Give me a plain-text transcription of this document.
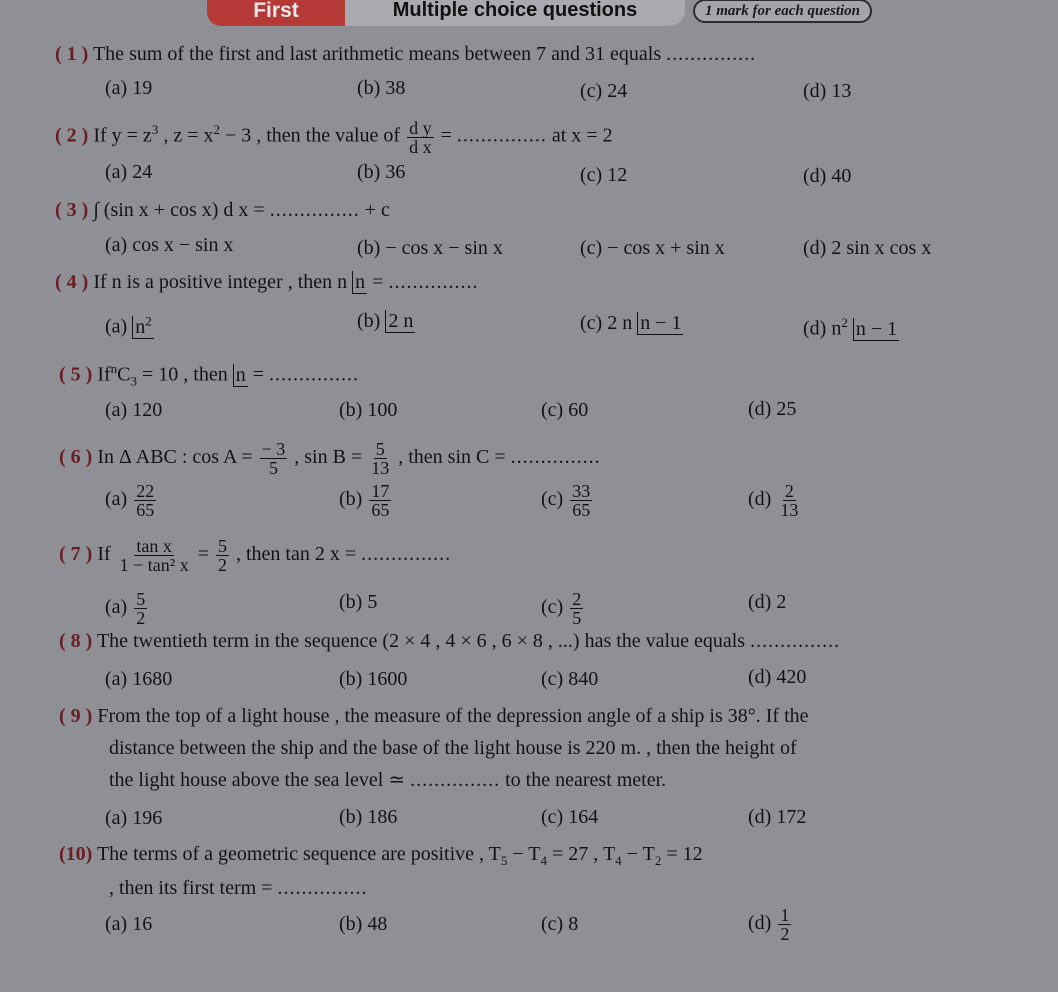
First	Multiple choice questions	1 mark for each question
( 1 ) The sum of the first and last arithmetic means between 7 and 31 equals ...............
(a) 19	(b) 38	(c) 24	(d) 13
( 2 ) If $y = z^3$ , $z = x^2 - 3$ , then the value of $\frac{\text{d y}}{\text{d x}}$ = ............... at x = 2
(a) 24	(b) 36	(c) 12	(d) 40
( 3 ) ∫ (sin x + cos x) d x = ............... + c
(a) cos x − sin x	(b) − cos x − sin x	(c) − cos x + sin x	(d) 2 sin x cos x
( 4 ) If n is a positive integer , then n n = ...............
(a) $n^2$	(b) 2 n	(c) 2 n n − 1	(d) $n^2$ n − 1
( 5 ) $If^nC_3 = 10$ , then n = ...............
(a) 120	(b) 100	(c) 60	(d) 25
( 6 ) In Δ ABC : $\cos A = \frac{- 3}{5}$ , $\sin B = \frac{5}{13}$ , then sin C = ...............
$(a) \frac{22}{65}$	$(b) \frac{17}{65}$	$(c) \frac{33}{65}$	$(d) \frac{2}{13}$
( 7 ) If $\frac{\text{tan x}}{\text{1 − tan² x}} = \frac{5}{2}$ , then tan 2 x = ...............
$(a) \frac{5}{2}$	(b) 5	$(c) \frac{2}{5}$	(d) 2
( 8 ) The twentieth term in the sequence (2 × 4 , 4 × 6 , 6 × 8 , ...) has the value equals ...............
(a) 1680	(b) 1600	(c) 840	(d) 420
( 9 ) From the top of a light house , the measure of the depression angle of a ship is 38°. If the
distance between the ship and the base of the light house is 220 m. , then the height of
the light house above the sea level ≃ ............... to the nearest meter.
(a) 196	(b) 186	(c) 164	(d) 172
(10) The terms of a geometric sequence are positive , $T_5 - T_4 = 27$ , $T_4 - T_2 = 12$
, then its first term = ...............
(a) 16	(b) 48	(c) 8	$(d) \frac{1}{2}$
